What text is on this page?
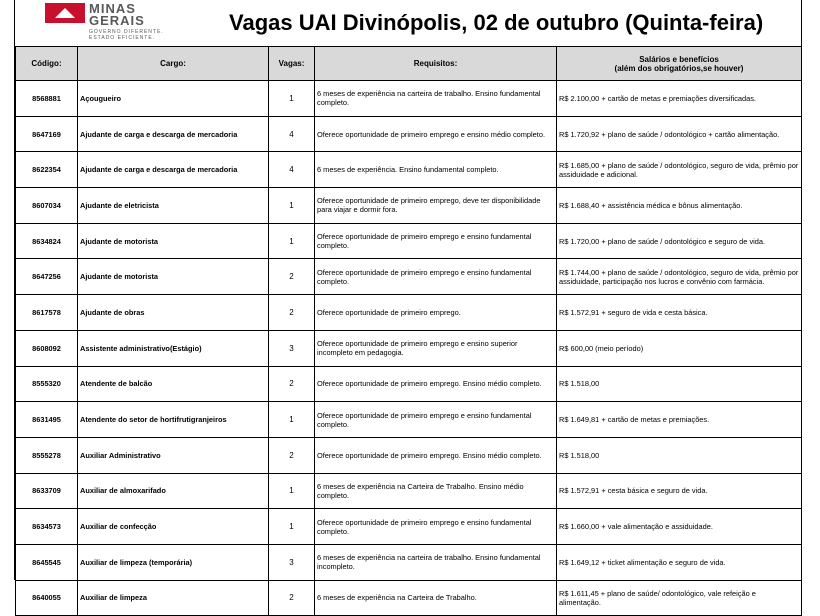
MINAS
GERAIS
GOVERNO DIFERENTE.
ESTADO EFICIENTE.
Vagas UAI Divinópolis, 02 de outubro (Quinta-feira)
Código:	Cargo:	Vagas:	Requisitos:	Salários e benefícios
(além dos obrigatórios,se houver)

8568881	Açougueiro	1	6 meses de experiência na carteira de trabalho. Ensino fundamental completo.	R$ 2.100,00 + cartão de metas e premiações diversificadas.
8647169	Ajudante de carga e descarga de mercadoria	4	Oferece oportunidade de primeiro emprego e ensino médio completo.	R$ 1.720,92 + plano de saúde / odontológico + cartão alimentação.
8622354	Ajudante de carga e descarga de mercadoria	4	6 meses de experiência. Ensino fundamental completo.	R$ 1.685,00 + plano de saúde / odontológico, seguro de vida, prêmio por assiduidade e adicional.
8607034	Ajudante de eletricista	1	Oferece oportunidade de primeiro emprego, deve ter disponibilidade para viajar e dormir fora.	R$ 1.688,40 + assistência médica e bônus alimentação.
8634824	Ajudante de motorista	1	Oferece oportunidade de primeiro emprego e ensino fundamental completo.	R$ 1.720,00 + plano de saúde / odontológico e seguro de vida.
8647256	Ajudante de motorista	2	Oferece oportunidade de primeiro emprego e ensino fundamental completo.	R$ 1.744,00 + plano de saúde / odontológico, seguro de vida, prêmio por assiduidade, participação nos lucros e convênio com farmácia.
8617578	Ajudante de obras	2	Oferece oportunidade de primeiro emprego.	R$ 1.572,91 + seguro de vida e cesta básica.
8608092	Assistente administrativo(Estágio)	3	Oferece oportunidade de primeiro emprego e ensino superior incompleto em pedagogia.	R$ 600,00 (meio período)
8555320	Atendente de balcão	2	Oferece oportunidade de primeiro emprego. Ensino médio completo.	R$ 1.518,00
8631495	Atendente do setor de hortifrutigranjeiros	1	Oferece oportunidade de primeiro emprego e ensino fundamental completo.	R$ 1.649,81 + cartão de metas e premiações.
8555278	Auxiliar Administrativo	2	Oferece oportunidade de primeiro emprego. Ensino médio completo.	R$ 1.518,00
8633709	Auxiliar de almoxarifado	1	6 meses de experiência na Carteira de Trabalho. Ensino médio completo.	R$ 1.572,91 + cesta básica e seguro de vida.
8634573	Auxiliar de confecção	1	Oferece oportunidade de primeiro emprego e ensino fundamental completo.	R$ 1.660,00 + vale alimentação e assiduidade.
8645545	Auxiliar de limpeza (temporária)	3	6 meses de experiência na carteira de trabalho. Ensino fundamental incompleto.	R$ 1.649,12 + ticket alimentação e seguro de vida.
8640055	Auxiliar de limpeza	2	6 meses de experiência na Carteira de Trabalho.	R$ 1.611,45 + plano de saúde/ odontológico, vale refeição e alimentação.
